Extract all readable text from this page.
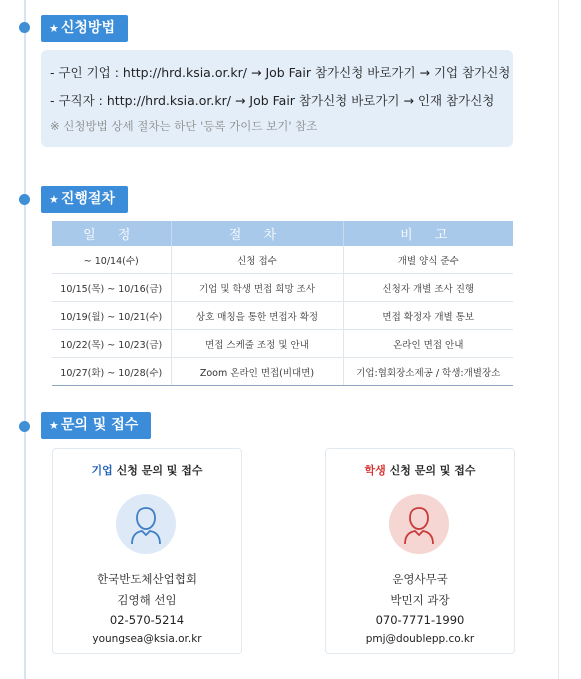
★ 신청방법
- 구인 기업 : http://hrd.ksia.or.kr/ → Job Fair 참가신청 바로가기 → 기업 참가신청
- 구직자 : http://hrd.ksia.or.kr/ → Job Fair 참가신청 바로가기 → 인재 참가신청
※ 신청방법 상세 절차는 하단 '등록 가이드 보기' 참조
★ 진행절차
일 정	절 차	비 고
~ 10/14(수)	신청 접수	개별 양식 준수
10/15(목) ~ 10/16(금)	기업 및 학생 면접 희망 조사	신청자 개별 조사 진행
10/19(월) ~ 10/21(수)	상호 매칭을 통한 면접자 확정	면접 확정자 개별 통보
10/22(목) ~ 10/23(금)	면접 스케줄 조정 및 안내	온라인 면접 안내
10/27(화) ~ 10/28(수)	Zoom 온라인 면접(비대면)	기업:협회장소제공 / 학생:개별장소
★ 문의 및 접수
기업 신청 문의 및 접수
한국반도체산업협회
김영해 선임
02-570-5214
youngsea@ksia.or.kr
학생 신청 문의 및 접수
운영사무국
박민지 과장
070-7771-1990
pmj@doublepp.co.kr
